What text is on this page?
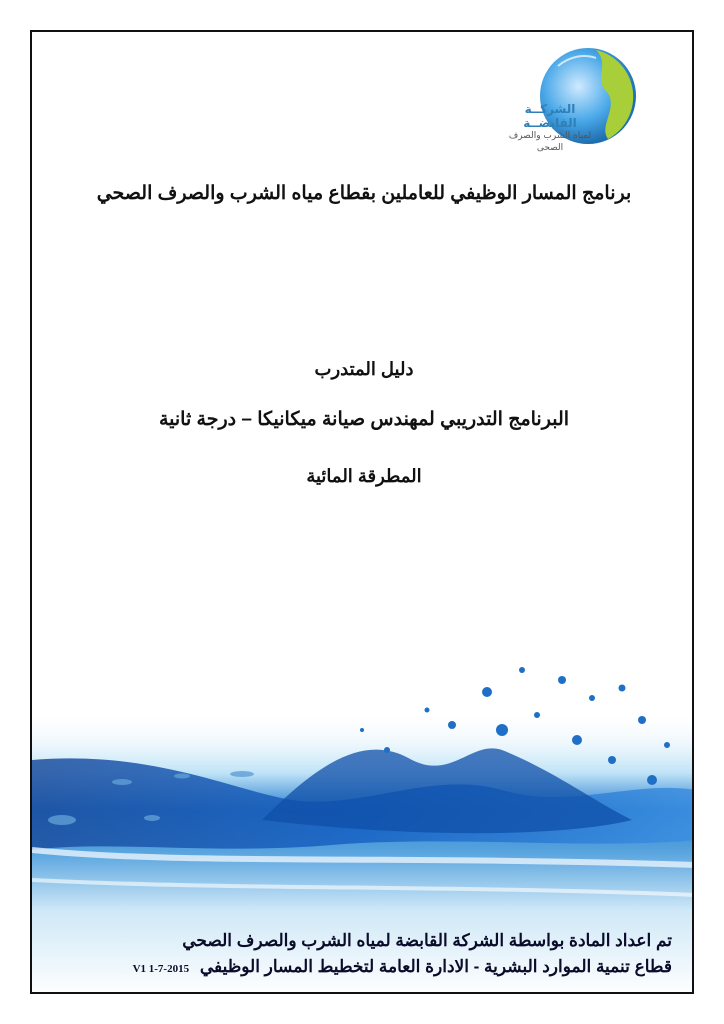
الشركــة القابضــة
لمياه الشرب والصرف الصحى
برنامج المسار الوظيفي للعاملين بقطاع مياه الشرب والصرف الصحي
دليل المتدرب
البرنامج التدريبي لمهندس صيانة ميكانيكا – درجة ثانية
المطرقة المائية
تم اعداد المادة بواسطة الشركة القابضة لمياه الشرب والصرف الصحي
قطاع تنمية الموارد البشرية - الادارة العامة لتخطيط المسار الوظيفي V1 1-7-2015
